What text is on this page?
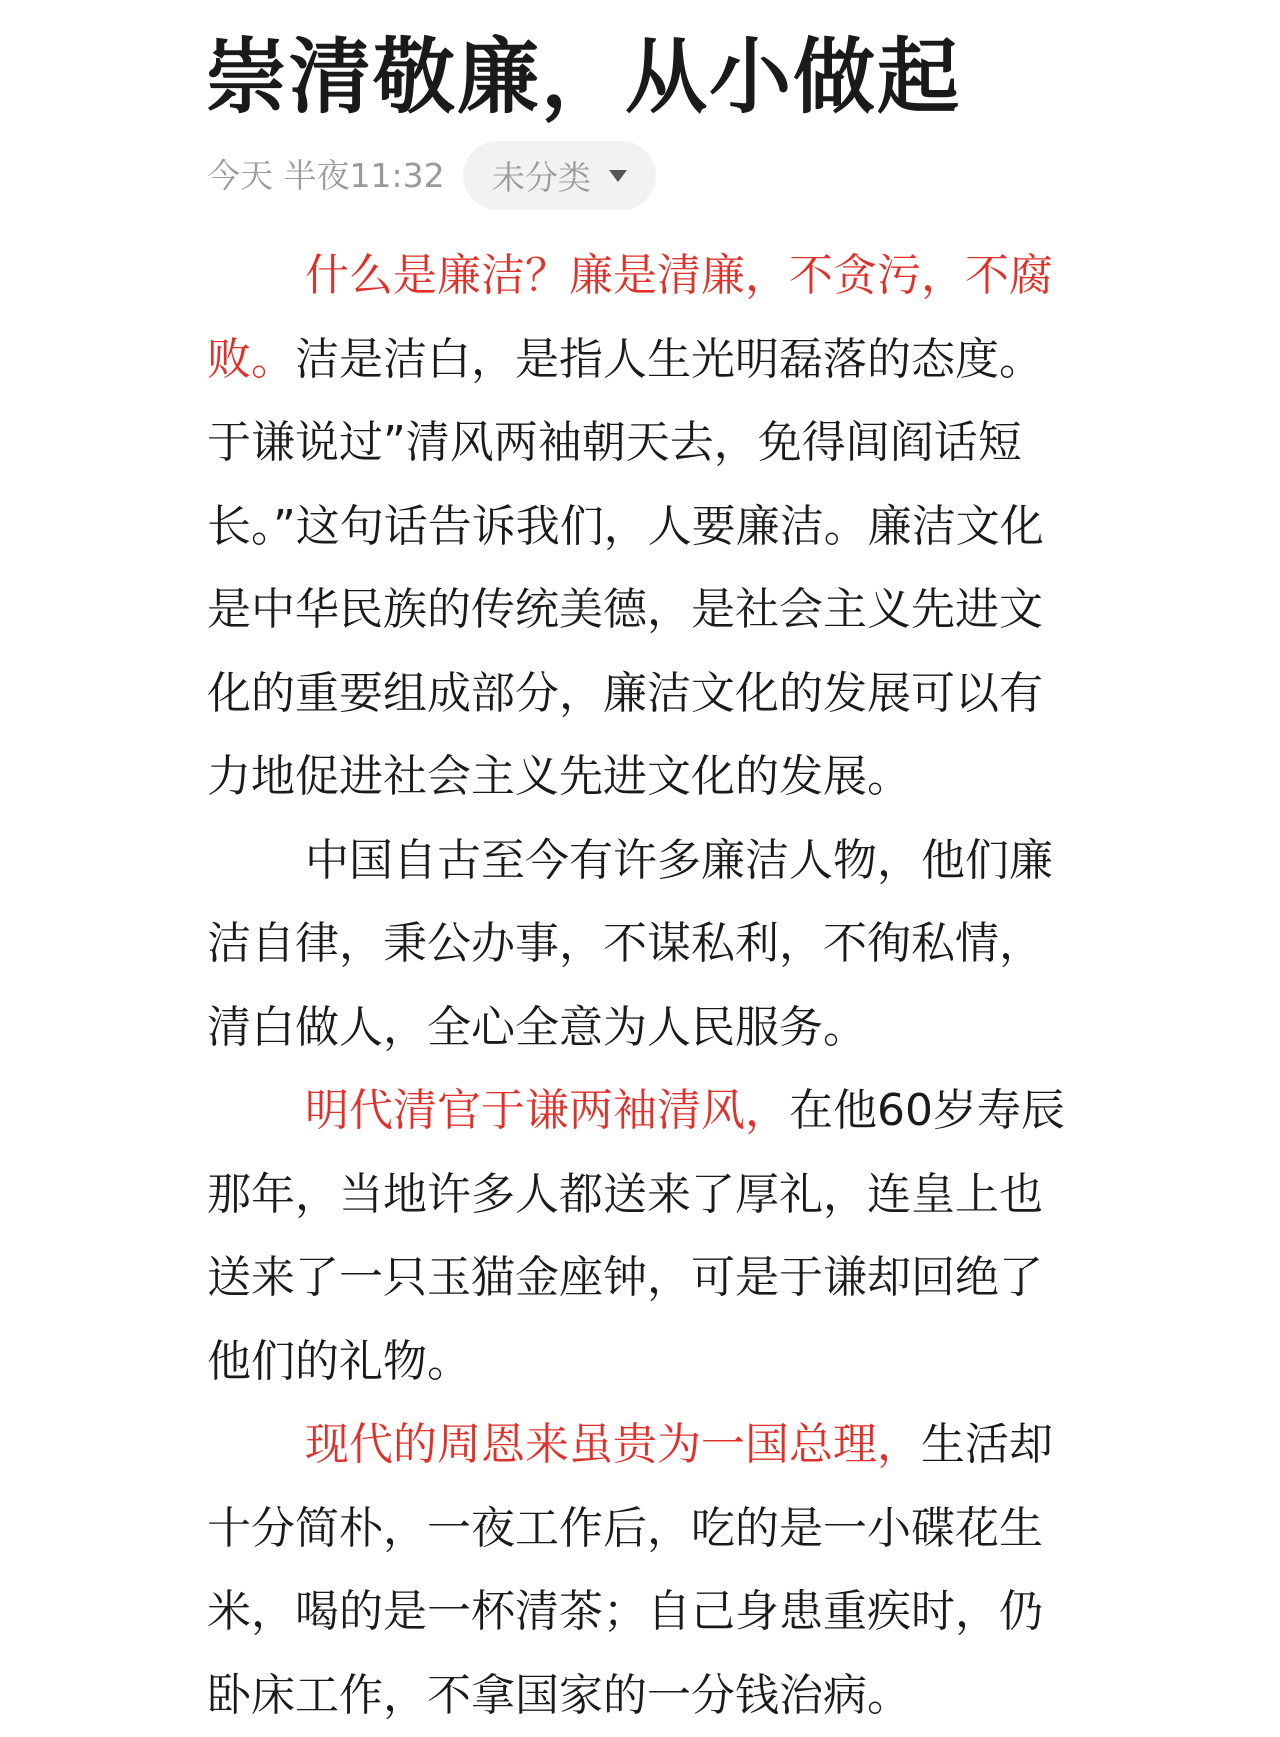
崇清敬廉，从小做起
今天 半夜11:32 未分类
什么是廉洁？廉是清廉，不贪污，不腐
败。洁是洁白，是指人生光明磊落的态度。
于谦说过”清风两袖朝天去，免得闾阎话短
长。”这句话告诉我们，人要廉洁。廉洁文化
是中华民族的传统美德，是社会主义先进文
化的重要组成部分，廉洁文化的发展可以有
力地促进社会主义先进文化的发展。
中国自古至今有许多廉洁人物，他们廉
洁自律，秉公办事，不谋私利，不徇私情，
清白做人，全心全意为人民服务。
明代清官于谦两袖清风，在他60岁寿辰
那年，当地许多人都送来了厚礼，连皇上也
送来了一只玉猫金座钟，可是于谦却回绝了
他们的礼物。
现代的周恩来虽贵为一国总理，生活却
十分简朴，一夜工作后，吃的是一小碟花生
米，喝的是一杯清茶；自己身患重疾时，仍
卧床工作，不拿国家的一分钱治病。
